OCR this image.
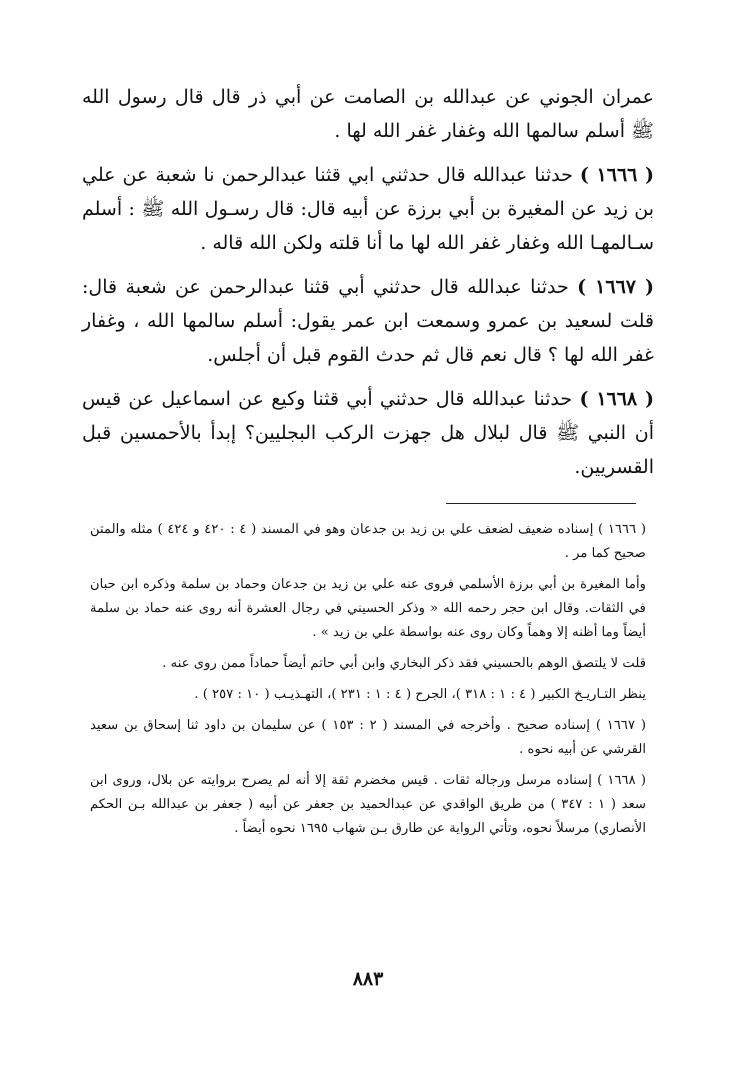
عمران الجوني عن عبدالله بن الصامت عن أبي ذر قال قال رسول الله ﷺ أسلم سالمها الله وغفار غفر الله لها .

( ١٦٦٦ ) حدثنا عبدالله قال حدثني ابي قثنا عبدالرحمن نا شعبة عن علي بن زيد عن المغيرة بن أبي برزة عن أبيه قال: قال رسـول الله ﷺ : أسلم سـالمهـا الله وغفار غفر الله لها ما أنا قلته ولكن الله قاله .

( ١٦٦٧ ) حدثنا عبدالله قال حدثني أبي قثنا عبدالرحمن عن شعبة قال: قلت لسعيد بن عمرو وسمعت ابن عمر يقول: أسلم سالمها الله ، وغفار غفر الله لها ؟ قال نعم قال ثم حدث القوم قبل أن أجلس.

( ١٦٦٨ ) حدثنا عبدالله قال حدثني أبي قثنا وكيع عن اسماعيل عن قيس أن النبي ﷺ قال لبلال هل جهزت الركب البجليين؟ إبدأ بالأحمسين قبل القسريين.

( ١٦٦٦ ) إسناده ضعيف لضعف علي بن زيد بن جدعان وهو في المسند ( ٤ : ٤٢٠ و ٤٢٤ ) مثله والمتن صحيح كما مر .

وأما المغيرة بن أبي برزة الأسلمي فروى عنه علي بن زيد بن جدعان وحماد بن سلمة وذكره ابن حبان في الثقات. وقال ابن حجر رحمه الله « وذكر الحسيني في رجال العشرة أنه روى عنه حماد بن سلمة أيضاً وما أظنه إلا وهماً وكان روى عنه بواسطة علي بن زيد » .

قلت لا يلتصق الوهم بالحسيني فقد ذكر البخاري وابن أبي حاتم أيضاً حماداً ممن روى عنه .

ينظر التـاريـخ الكبير ( ٤ : ١ : ٣١٨ )، الجرح ( ٤ : ١ : ٢٣١ )، التهـذيـب ( ١٠ : ٢٥٧ ) .

( ١٦٦٧ ) إسناده صحيح . وأخرجه في المسند ( ٢ : ١٥٣ ) عن سليمان بن داود ثنا إسحاق بن سعيد القرشي عن أبيه نحوه .

( ١٦٦٨ ) إسناده مرسل ورجاله ثقات . قيس مخضرم ثقة إلا أنه لم يصرح بروايته عن بلال، وروى ابن سعد ( ١ : ٣٤٧ ) من طريق الواقدي عن عبدالحميد بن جعفر عن أبيه ( جعفر بن عبدالله بـن الحكم الأنصاري) مرسلاً نحوه، وتأتي الرواية عن طارق بـن شهاب ١٦٩٥ نحوه أيضاً .

٨٨٣
